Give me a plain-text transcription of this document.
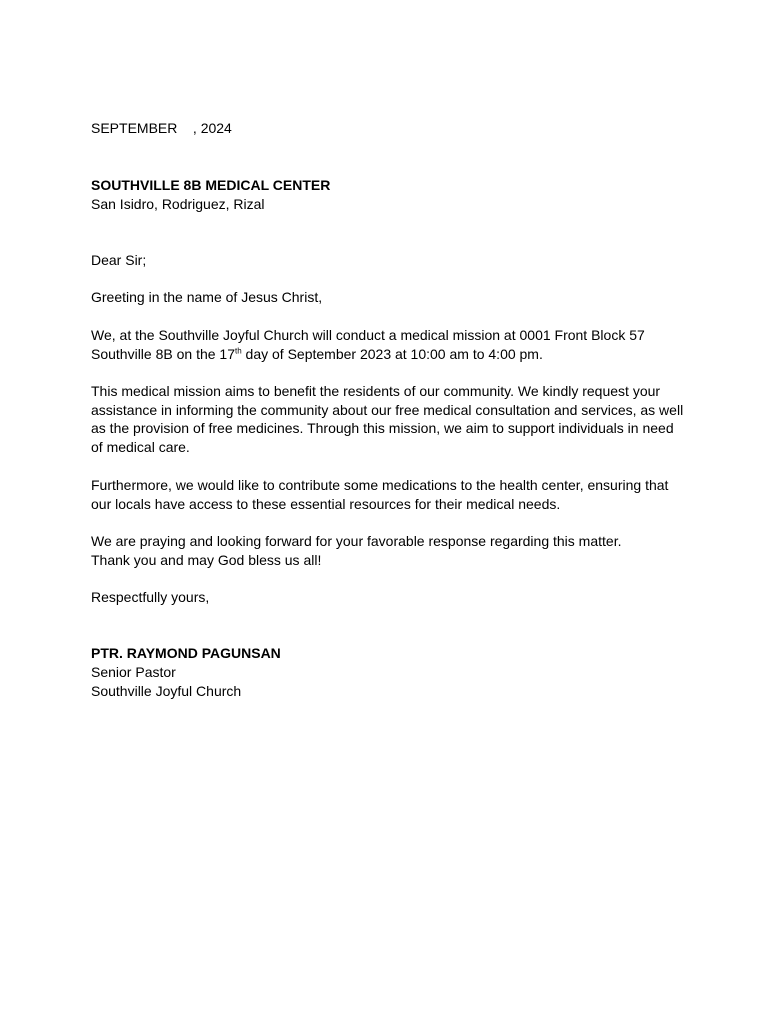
SEPTEMBER    , 2024
SOUTHVILLE 8B MEDICAL CENTER
San Isidro, Rodriguez, Rizal
Dear Sir;
Greeting in the name of Jesus Christ,
We, at the Southville Joyful Church will conduct a medical mission at 0001 Front Block 57
Southville 8B on the 17th day of September 2023 at 10:00 am to 4:00 pm.
This medical mission aims to benefit the residents of our community. We kindly request your
assistance in informing the community about our free medical consultation and services, as well
as the provision of free medicines. Through this mission, we aim to support individuals in need
of medical care.
Furthermore, we would like to contribute some medications to the health center, ensuring that
our locals have access to these essential resources for their medical needs.
We are praying and looking forward for your favorable response regarding this matter.
Thank you and may God bless us all!
Respectfully yours,
PTR. RAYMOND PAGUNSAN
Senior Pastor
Southville Joyful Church
